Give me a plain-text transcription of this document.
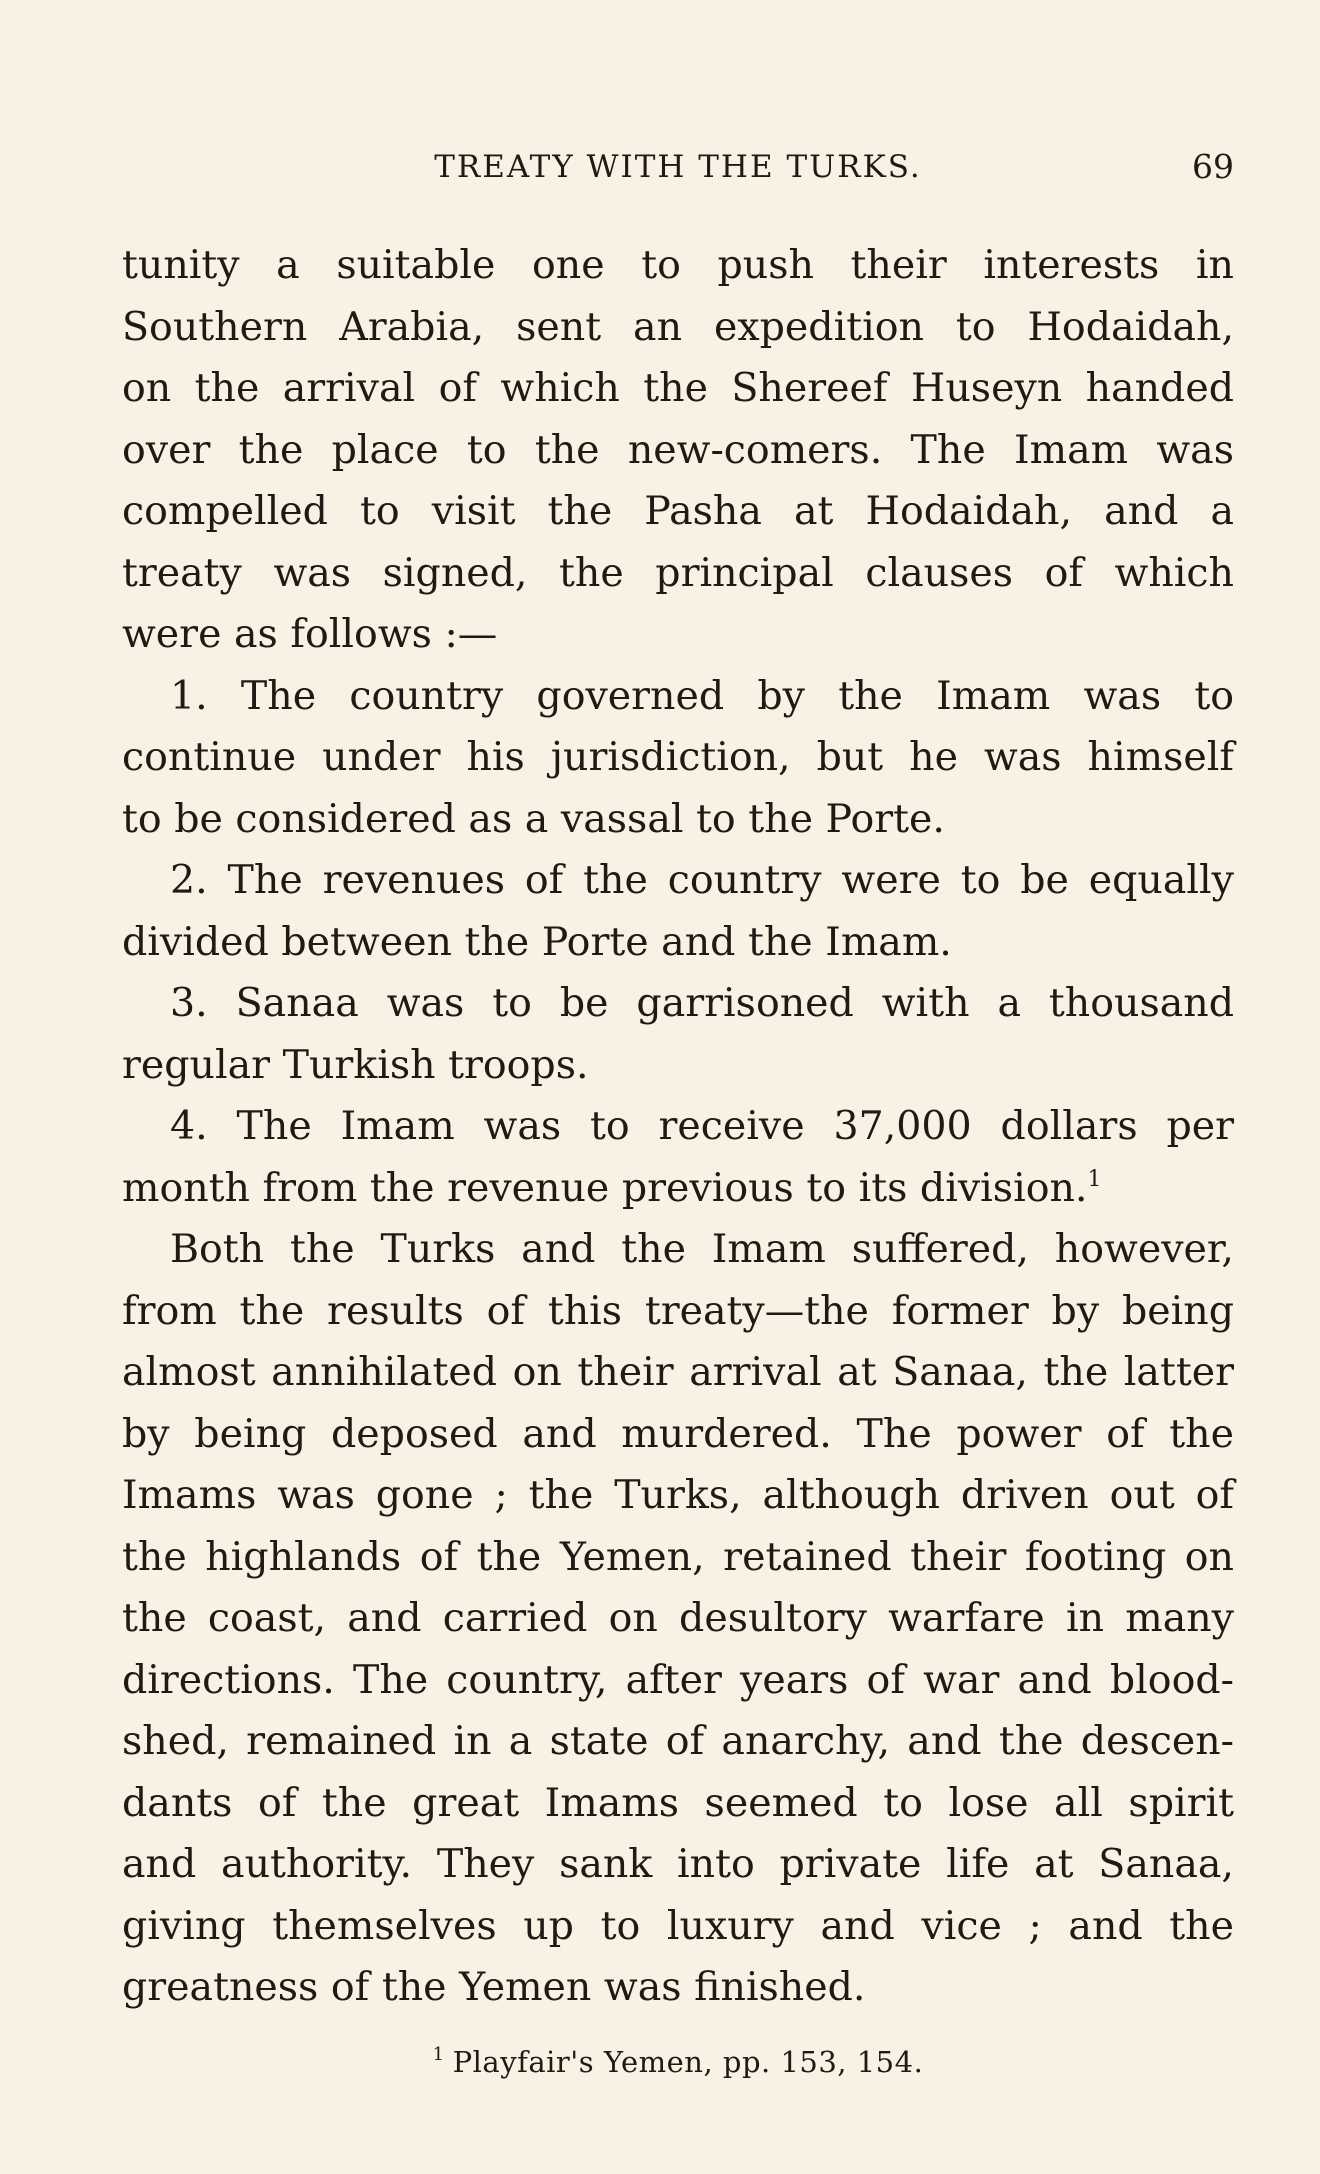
TREATY WITH THE TURKS.	69
tunity a suitable one to push their interests in
Southern Arabia, sent an expedition to Hodaidah,
on the arrival of which the Shereef Huseyn handed
over the place to the new-comers. The Imam was
compelled to visit the Pasha at Hodaidah, and a
treaty was signed, the principal clauses of which
were as follows :—
1. The country governed by the Imam was to
continue under his jurisdiction, but he was himself
to be considered as a vassal to the Porte.
2. The revenues of the country were to be equally
divided between the Porte and the Imam.
3. Sanaa was to be garrisoned with a thousand
regular Turkish troops.
4. The Imam was to receive 37,000 dollars per
month from the revenue previous to its division.$^1$
Both the Turks and the Imam suffered, however,
from the results of this treaty—the former by being
almost annihilated on their arrival at Sanaa, the latter
by being deposed and murdered. The power of the
Imams was gone ; the Turks, although driven out of
the highlands of the Yemen, retained their footing on
the coast, and carried on desultory warfare in many
directions. The country, after years of war and blood-
shed, remained in a state of anarchy, and the descen-
dants of the great Imams seemed to lose all spirit
and authority. They sank into private life at Sanaa,
giving themselves up to luxury and vice ; and the
greatness of the Yemen was finished.
$^1$ Playfair's Yemen, pp. 153, 154.
